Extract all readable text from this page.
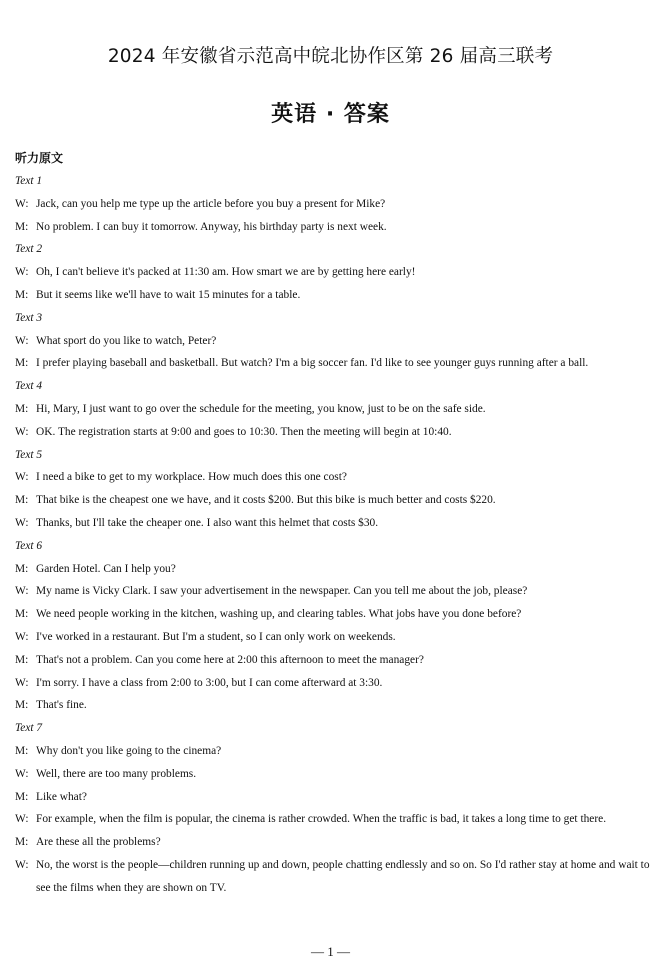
2024 年安徽省示范高中皖北协作区第 26 届高三联考
英语 · 答案
听力原文
Text 1
W: Jack, can you help me type up the article before you buy a present for Mike?
M: No problem. I can buy it tomorrow. Anyway, his birthday party is next week.
Text 2
W: Oh, I can't believe it's packed at 11:30 am. How smart we are by getting here early!
M: But it seems like we'll have to wait 15 minutes for a table.
Text 3
W: What sport do you like to watch, Peter?
M: I prefer playing baseball and basketball. But watch? I'm a big soccer fan. I'd like to see younger guys running after a ball.
Text 4
M: Hi, Mary, I just want to go over the schedule for the meeting, you know, just to be on the safe side.
W: OK. The registration starts at 9:00 and goes to 10:30. Then the meeting will begin at 10:40.
Text 5
W: I need a bike to get to my workplace. How much does this one cost?
M: That bike is the cheapest one we have, and it costs $200. But this bike is much better and costs $220.
W: Thanks, but I'll take the cheaper one. I also want this helmet that costs $30.
Text 6
M: Garden Hotel. Can I help you?
W: My name is Vicky Clark. I saw your advertisement in the newspaper. Can you tell me about the job, please?
M: We need people working in the kitchen, washing up, and clearing tables. What jobs have you done before?
W: I've worked in a restaurant. But I'm a student, so I can only work on weekends.
M: That's not a problem. Can you come here at 2:00 this afternoon to meet the manager?
W: I'm sorry. I have a class from 2:00 to 3:00, but I can come afterward at 3:30.
M: That's fine.
Text 7
M: Why don't you like going to the cinema?
W: Well, there are too many problems.
M: Like what?
W: For example, when the film is popular, the cinema is rather crowded. When the traffic is bad, it takes a long time to get there.
M: Are these all the problems?
W: No, the worst is the people—children running up and down, people chatting endlessly and so on. So I'd rather stay at home and wait to see the films when they are shown on TV.
— 1 —
